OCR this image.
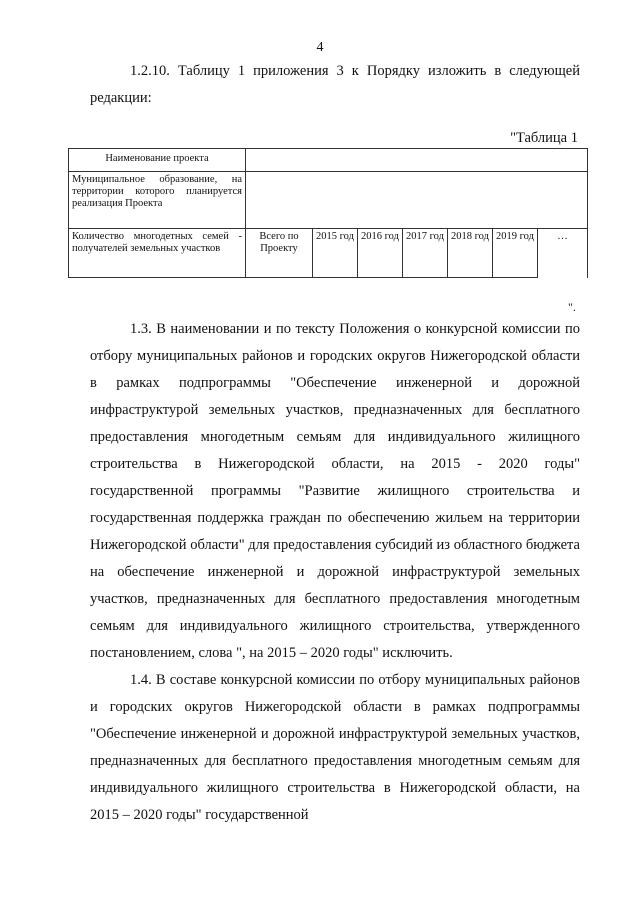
4
1.2.10. Таблицу 1 приложения 3 к Порядку изложить в следующей
редакции:
"Таблица 1
Наименование проекта							
Муниципальное образование, на территории которого планируется реализация Проекта							
Количество многодетных семей - получателей земельных участков	Всего по Проекту	2015 год	2016 год	2017 год	2018 год	2019 год	…
".

1.3. В наименовании и по тексту Положения о конкурсной комиссии по отбору муниципальных районов и городских округов Нижегородской области в рамках подпрограммы "Обеспечение инженерной и дорожной инфраструктурой земельных участков, предназначенных для бесплатного предоставления многодетным семьям для индивидуального жилищного строительства в Нижегородской области, на 2015 - 2020 годы" государственной программы "Развитие жилищного строительства и государственная поддержка граждан по обеспечению жильем на территории Нижегородской области" для предоставления субсидий из областного бюджета на обеспечение инженерной и дорожной инфраструктурой земельных участков, предназначенных для бесплатного предоставления многодетным семьям для индивидуального жилищного строительства, утвержденного постановлением, слова ", на 2015 – 2020 годы" исключить.

1.4. В составе конкурсной комиссии по отбору муниципальных районов и городских округов Нижегородской области в рамках подпрограммы "Обеспечение инженерной и дорожной инфраструктурой земельных участков, предназначенных для бесплатного предоставления многодетным семьям для индивидуального жилищного строительства в Нижегородской области, на 2015 – 2020 годы" государственной
